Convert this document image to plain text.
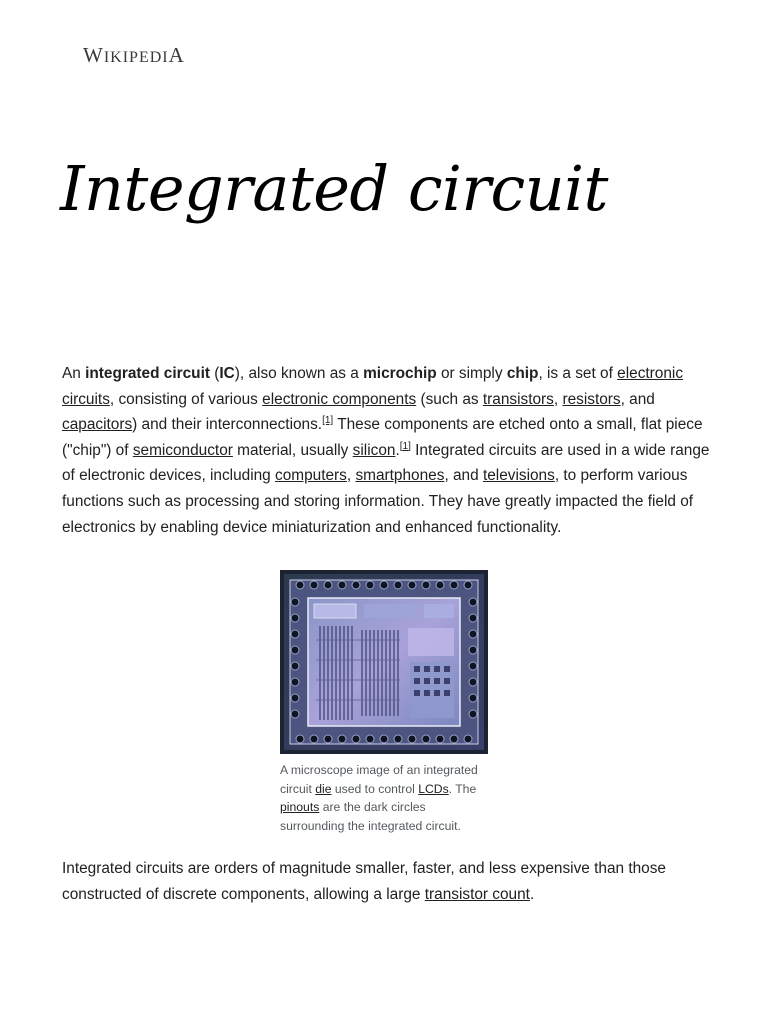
WIKIPEDIA
Integrated circuit

An integrated circuit (IC), also known as a microchip or simply chip, is a set of electronic circuits, consisting of various electronic components (such as transistors, resistors, and capacitors) and their interconnections.[1] These components are etched onto a small, flat piece ("chip") of semiconductor material, usually silicon.[1] Integrated circuits are used in a wide range of electronic devices, including computers, smartphones, and televisions, to perform various functions such as processing and storing information. They have greatly impacted the field of electronics by enabling device miniaturization and enhanced functionality.

A microscope image of an integrated circuit die used to control LCDs. The pinouts are the dark circles surrounding the integrated circuit.

Integrated circuits are orders of magnitude smaller, faster, and less expensive than those constructed of discrete components, allowing a large transistor count.
